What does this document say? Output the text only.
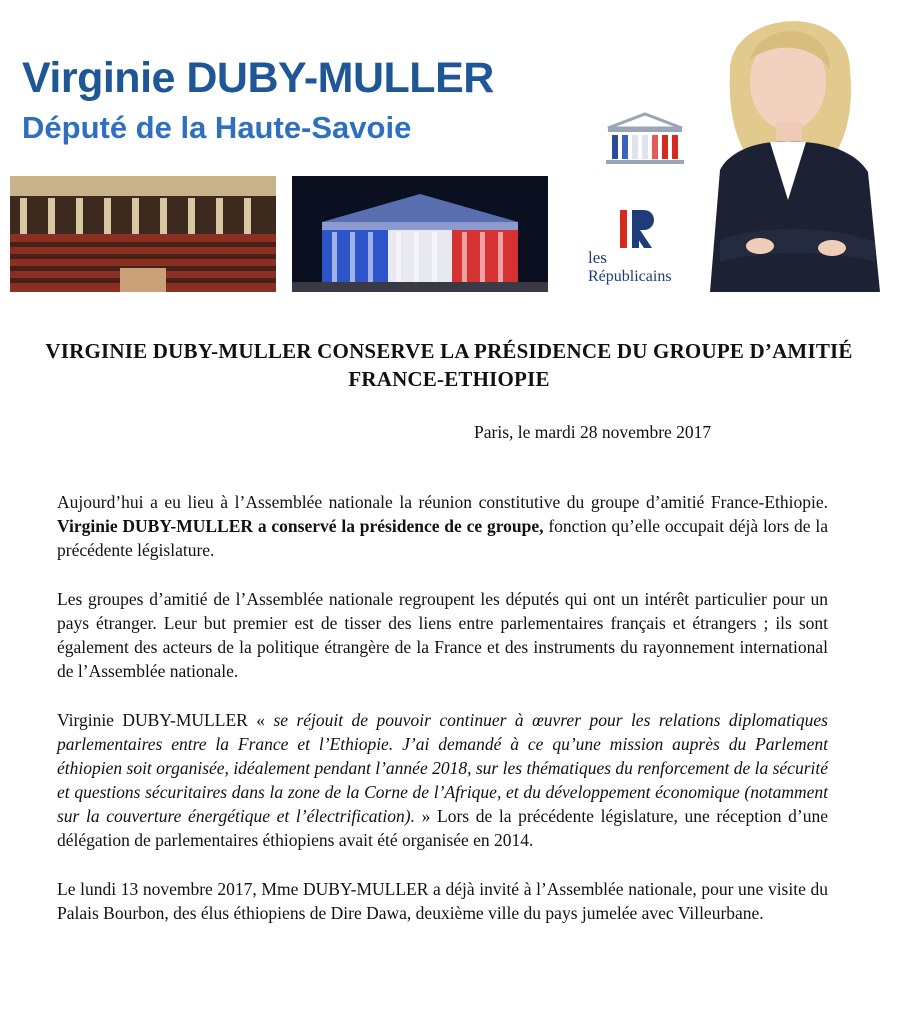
Virginie DUBY-MULLER
Député de la Haute-Savoie
les
Républicains
VIRGINIE DUBY-MULLER CONSERVE LA PRÉSIDENCE DU GROUPE D’AMITIÉ FRANCE-ETHIOPIE
Paris, le mardi 28 novembre 2017

Aujourd’hui a eu lieu à l’Assemblée nationale la réunion constitutive du groupe d’amitié France-Ethiopie. Virginie DUBY-MULLER a conservé la présidence de ce groupe, fonction qu’elle occupait déjà lors de la précédente législature.

Les groupes d’amitié de l’Assemblée nationale regroupent les députés qui ont un intérêt particulier pour un pays étranger. Leur but premier est de tisser des liens entre parlementaires français et étrangers ; ils sont également des acteurs de la politique étrangère de la France et des instruments du rayonnement international de l’Assemblée nationale.

Virginie DUBY-MULLER « se réjouit de pouvoir continuer à œuvrer pour les relations diplomatiques parlementaires entre la France et l’Ethiopie. J’ai demandé à ce qu’une mission auprès du Parlement éthiopien soit organisée, idéalement pendant l’année 2018, sur les thématiques du renforcement de la sécurité et questions sécuritaires dans la zone de la Corne de l’Afrique, et du développement économique (notamment sur la couverture énergétique et l’électrification). » Lors de la précédente législature, une réception d’une délégation de parlementaires éthiopiens avait été organisée en 2014.

Le lundi 13 novembre 2017, Mme DUBY-MULLER a déjà invité à l’Assemblée nationale, pour une visite du Palais Bourbon, des élus éthiopiens de Dire Dawa, deuxième ville du pays jumelée avec Villeurbane.
